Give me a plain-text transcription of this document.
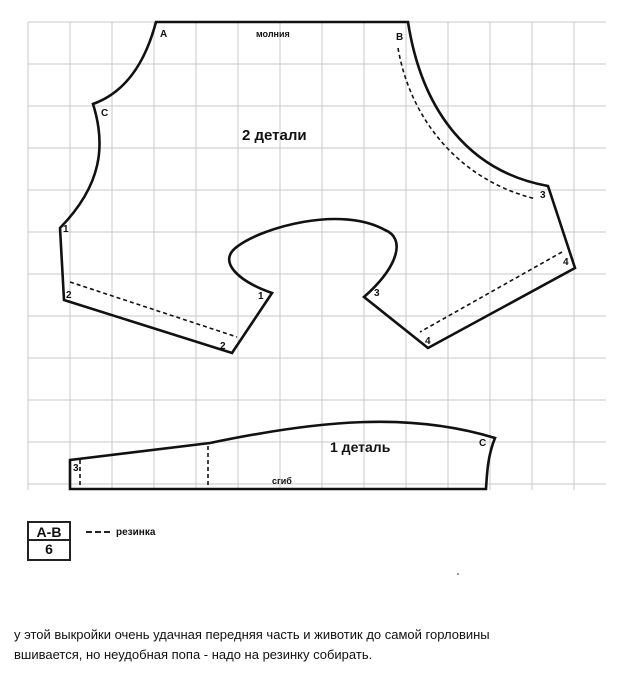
A	молния	B
C
2 детали
1
2
2
1	3
3
4
4
1 деталь	C
3
сгиб
А-В
6
резинка
у этой выкройки очень удачная передняя часть и животик до самой горловины
вшивается, но неудобная попа - надо на резинку собирать.
